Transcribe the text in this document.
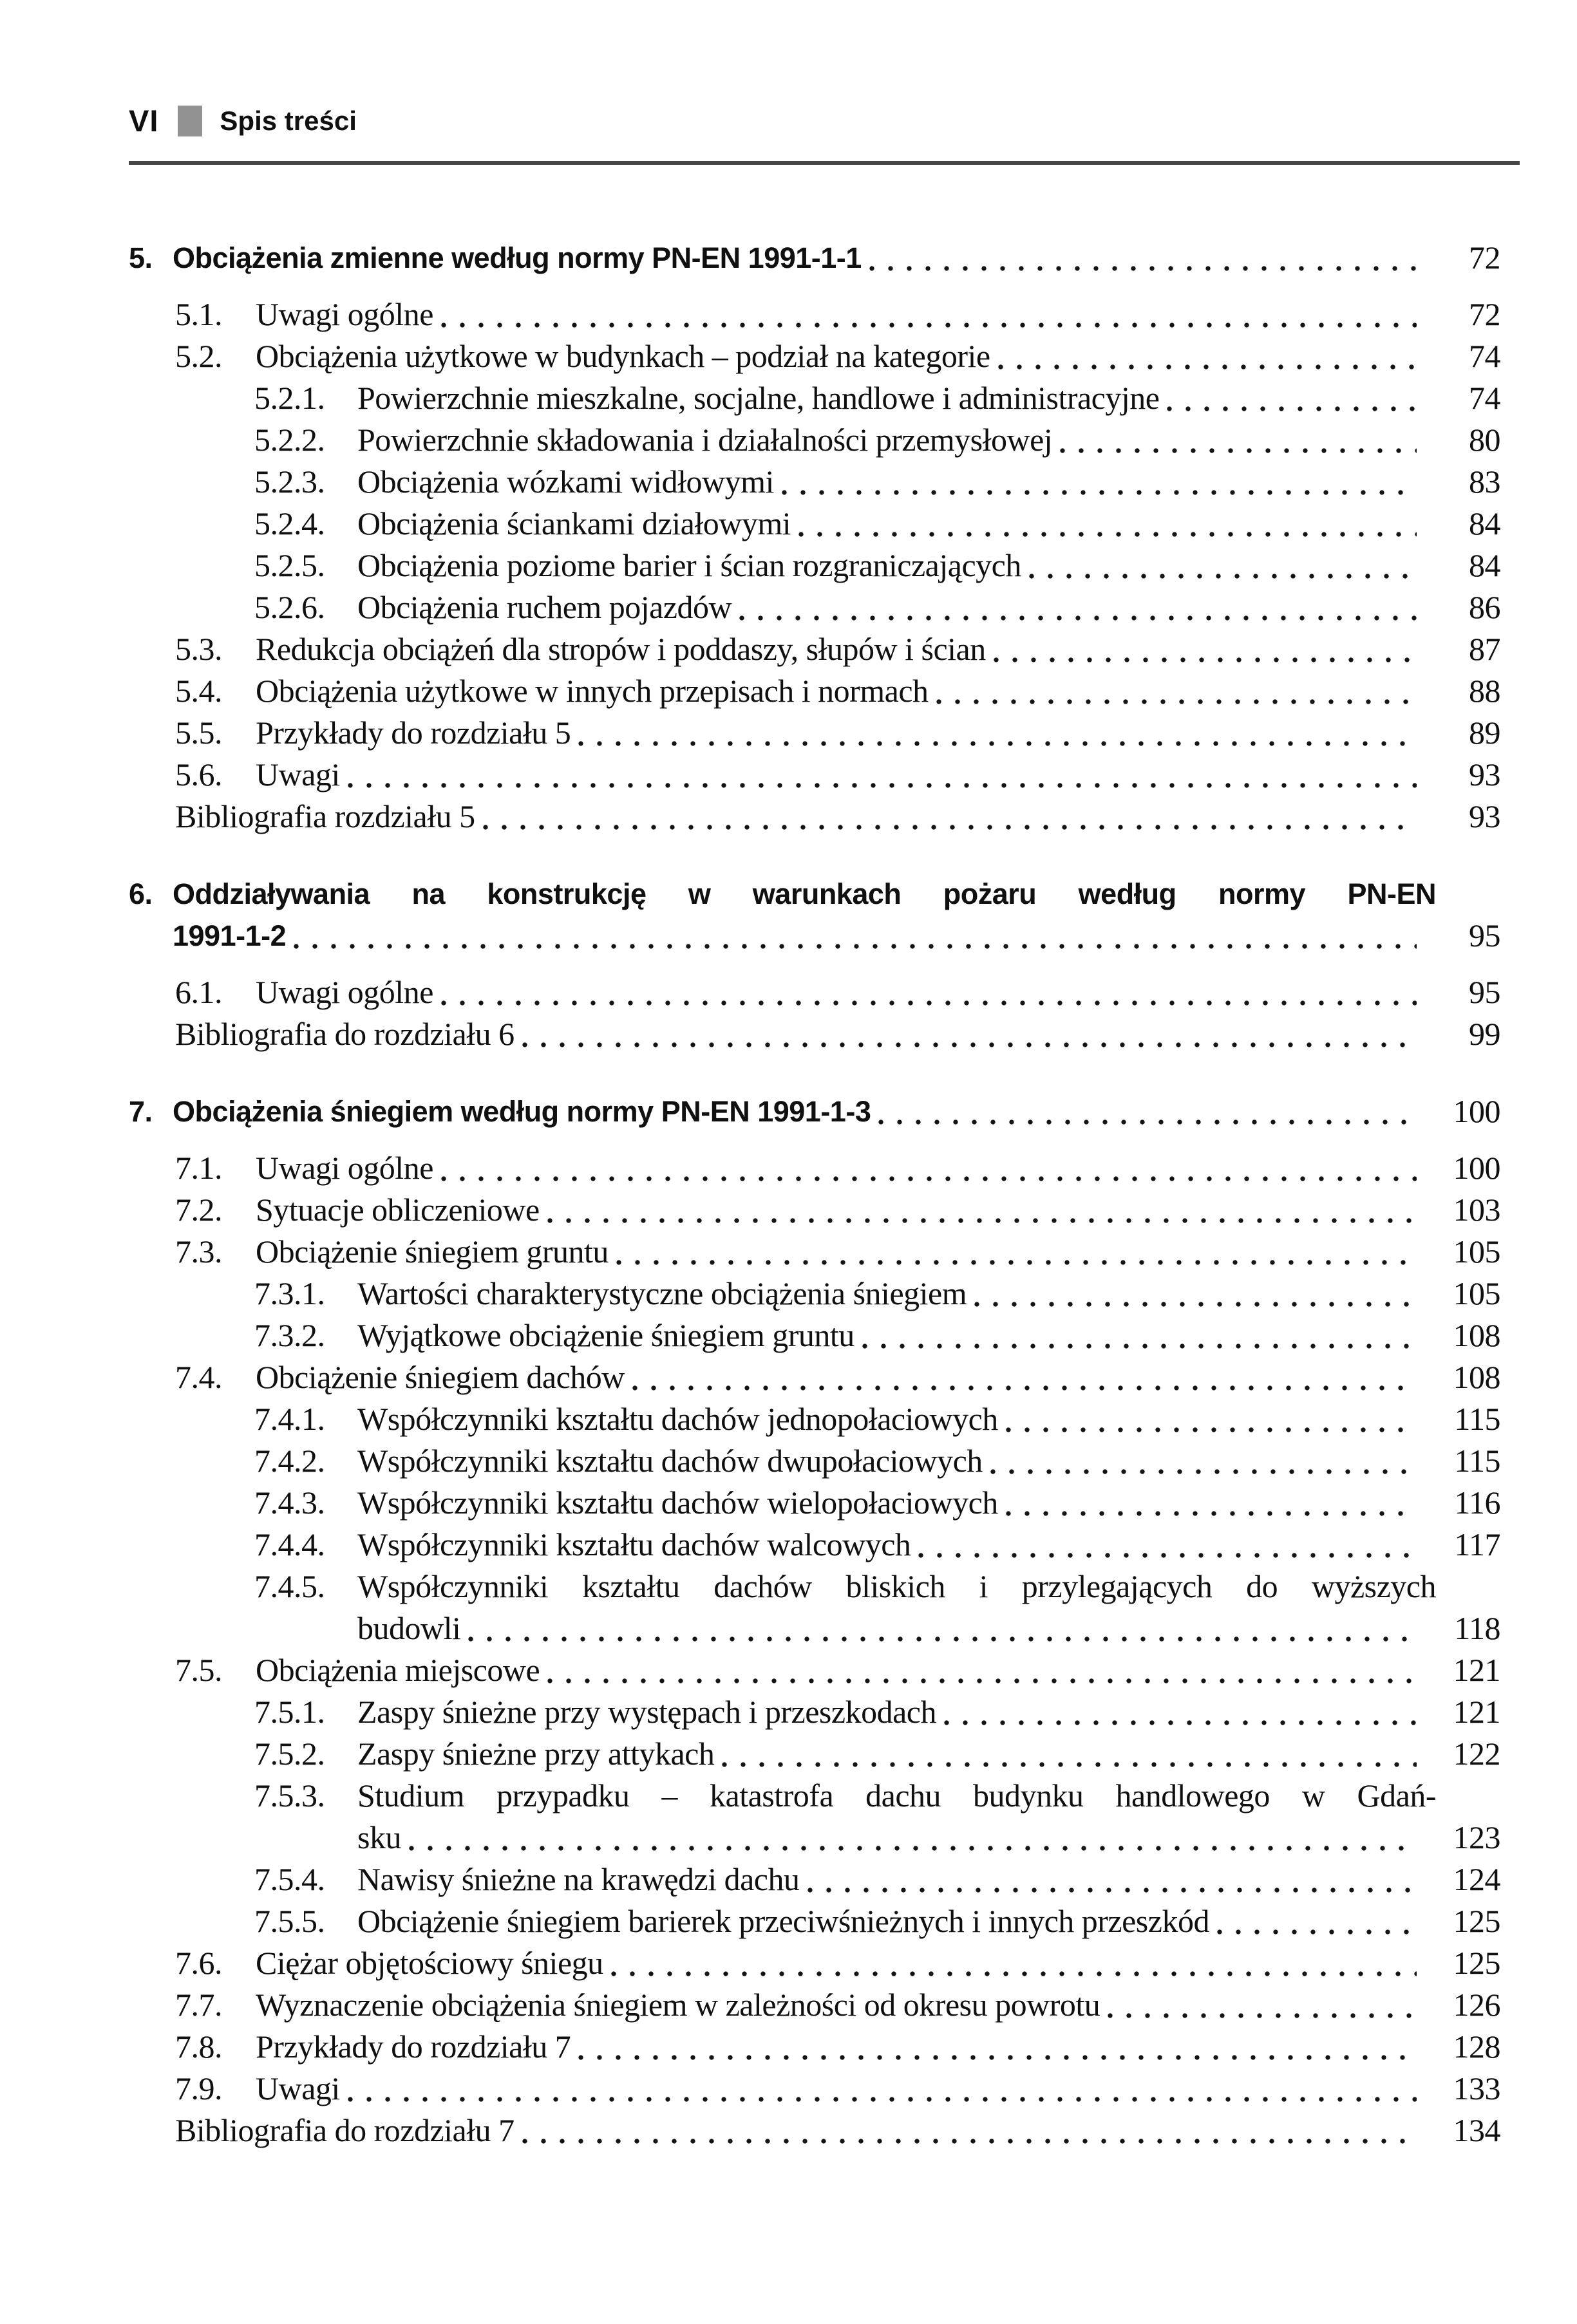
VI Spis treści
5. Obciążenia zmienne według normy PN-EN 1991-1-1	72
5.1.	Uwagi ogólne	72
5.2.	Obciążenia użytkowe w budynkach – podział na kategorie	74
5.2.1.	Powierzchnie mieszkalne, socjalne, handlowe i administracyjne	74
5.2.2.	Powierzchnie składowania i działalności przemysłowej	80
5.2.3.	Obciążenia wózkami widłowymi	83
5.2.4.	Obciążenia ściankami działowymi	84
5.2.5.	Obciążenia poziome barier i ścian rozgraniczających	84
5.2.6.	Obciążenia ruchem pojazdów	86
5.3.	Redukcja obciążeń dla stropów i poddaszy, słupów i ścian	87
5.4.	Obciążenia użytkowe w innych przepisach i normach	88
5.5.	Przykłady do rozdziału 5	89
5.6.	Uwagi	93
Bibliografia rozdziału 5	93
6. Oddziaływania na konstrukcję w warunkach pożaru według normy PN-EN
1991-1-2	95
6.1.	Uwagi ogólne	95
Bibliografia do rozdziału 6	99
7. Obciążenia śniegiem według normy PN-EN 1991-1-3	100
7.1.	Uwagi ogólne	100
7.2.	Sytuacje obliczeniowe	103
7.3.	Obciążenie śniegiem gruntu	105
7.3.1.	Wartości charakterystyczne obciążenia śniegiem	105
7.3.2.	Wyjątkowe obciążenie śniegiem gruntu	108
7.4.	Obciążenie śniegiem dachów	108
7.4.1.	Współczynniki kształtu dachów jednopołaciowych	115
7.4.2.	Współczynniki kształtu dachów dwupołaciowych	115
7.4.3.	Współczynniki kształtu dachów wielopołaciowych	116
7.4.4.	Współczynniki kształtu dachów walcowych	117
7.4.5. Współczynniki kształtu dachów bliskich i przylegających do wyższych
budowli	118
7.5.	Obciążenia miejscowe	121
7.5.1.	Zaspy śnieżne przy występach i przeszkodach	121
7.5.2.	Zaspy śnieżne przy attykach	122
7.5.3. Studium przypadku – katastrofa dachu budynku handlowego w Gdań-
sku	123
7.5.4.	Nawisy śnieżne na krawędzi dachu	124
7.5.5.	Obciążenie śniegiem barierek przeciwśnieżnych i innych przeszkód	125
7.6.	Ciężar objętościowy śniegu	125
7.7.	Wyznaczenie obciążenia śniegiem w zależności od okresu powrotu	126
7.8.	Przykłady do rozdziału 7	128
7.9.	Uwagi	133
Bibliografia do rozdziału 7	134
